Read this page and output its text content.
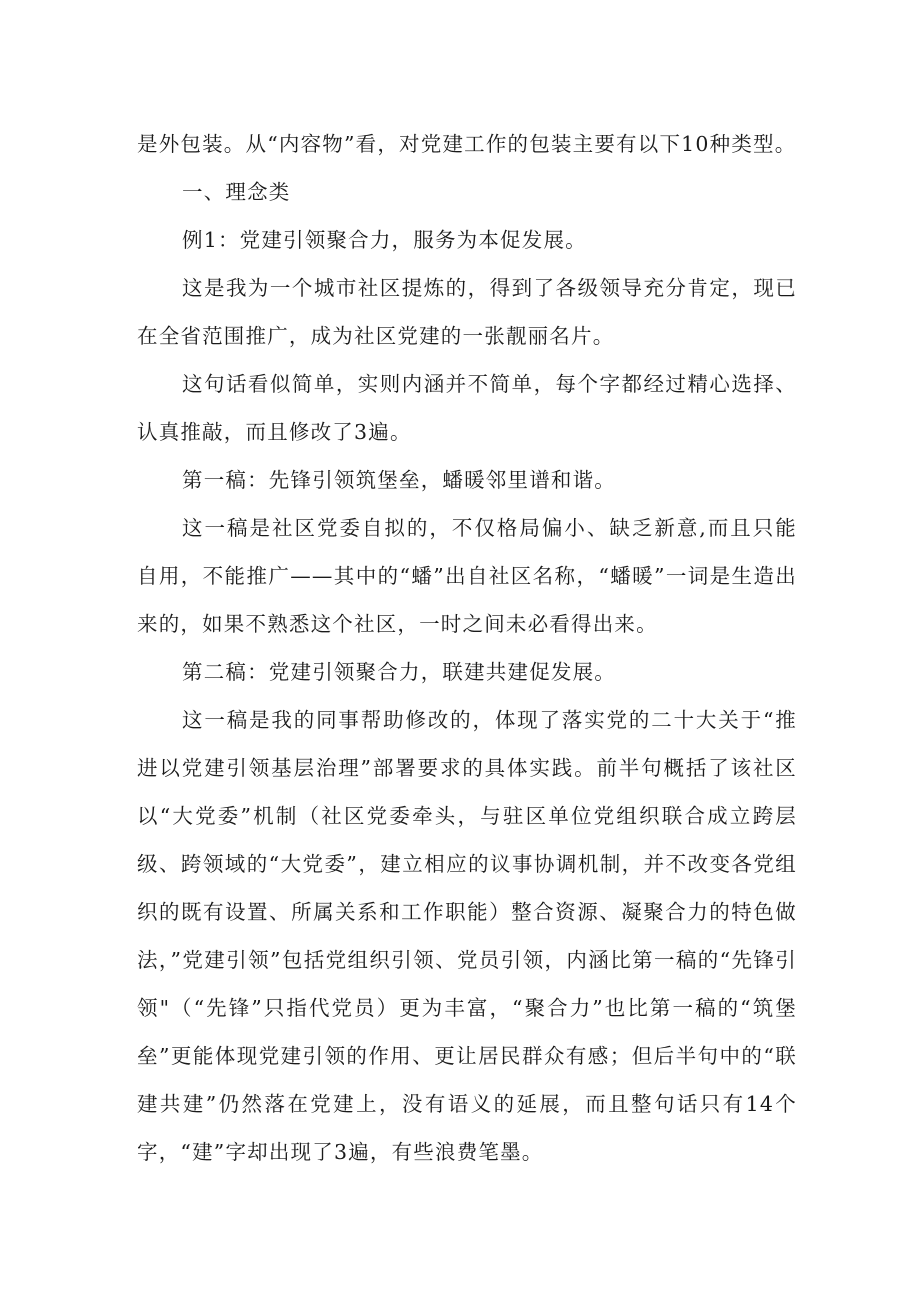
是外包装。从“内容物”看，对党建工作的包装主要有以下10种类型。

一、理念类

例1：党建引领聚合力，服务为本促发展。

这是我为一个城市社区提炼的，得到了各级领导充分肯定，现已在全省范围推广，成为社区党建的一张靓丽名片。

这句话看似简单，实则内涵并不简单，每个字都经过精心选择、认真推敲，而且修改了3遍。

第一稿：先锋引领筑堡垒，蟠暖邻里谱和谐。

这一稿是社区党委自拟的，不仅格局偏小、缺乏新意,而且只能自用，不能推广——其中的“蟠”出自社区名称，“蟠暖”一词是生造出来的，如果不熟悉这个社区，一时之间未必看得出来。

第二稿：党建引领聚合力，联建共建促发展。

这一稿是我的同事帮助修改的，体现了落实党的二十大关于“推进以党建引领基层治理”部署要求的具体实践。前半句概括了该社区以“大党委”机制（社区党委牵头，与驻区单位党组织联合成立跨层级、跨领域的“大党委”，建立相应的议事协调机制，并不改变各党组织的既有设置、所属关系和工作职能）整合资源、凝聚合力的特色做法，”党建引领”包括党组织引领、党员引领，内涵比第一稿的“先锋引领"（“先锋”只指代党员）更为丰富，“聚合力”也比第一稿的“筑堡垒”更能体现党建引领的作用、更让居民群众有感；但后半句中的“联建共建”仍然落在党建上，没有语义的延展，而且整句话只有14个字，“建”字却出现了3遍，有些浪费笔墨。
